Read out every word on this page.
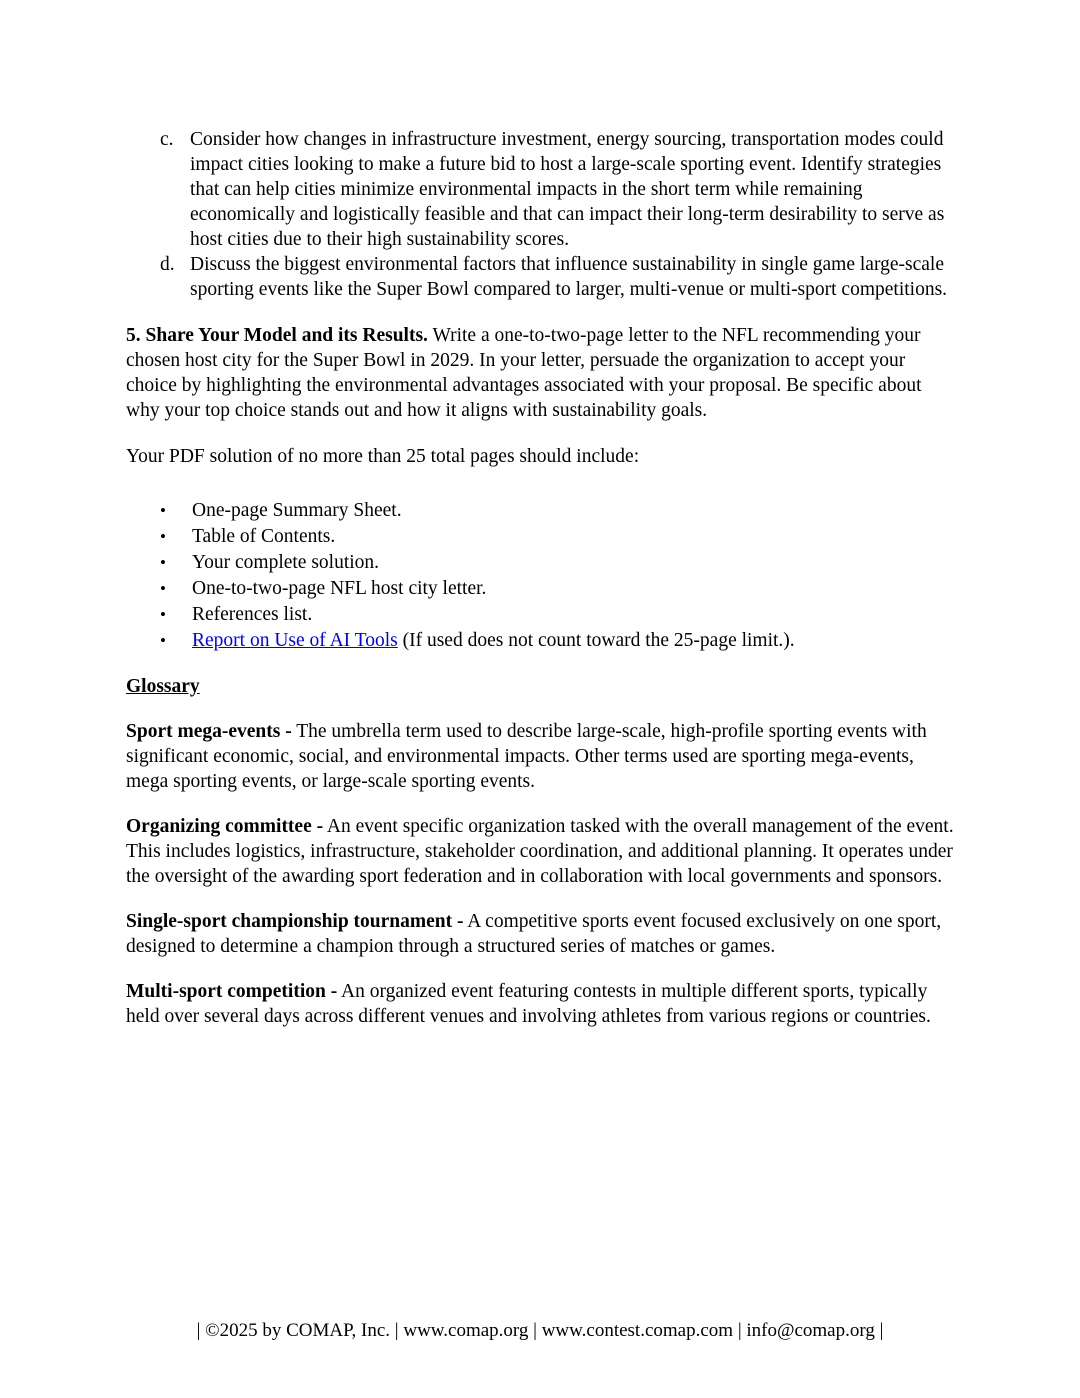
c. Consider how changes in infrastructure investment, energy sourcing, transportation modes could impact cities looking to make a future bid to host a large-scale sporting event. Identify strategies that can help cities minimize environmental impacts in the short term while remaining economically and logistically feasible and that can impact their long-term desirability to serve as host cities due to their high sustainability scores.
d. Discuss the biggest environmental factors that influence sustainability in single game large-scale sporting events like the Super Bowl compared to larger, multi-venue or multi-sport competitions.

5. Share Your Model and its Results. Write a one-to-two-page letter to the NFL recommending your chosen host city for the Super Bowl in 2029. In your letter, persuade the organization to accept your choice by highlighting the environmental advantages associated with your proposal. Be specific about why your top choice stands out and how it aligns with sustainability goals.

Your PDF solution of no more than 25 total pages should include:

• One-page Summary Sheet.
• Table of Contents.
• Your complete solution.
• One-to-two-page NFL host city letter.
• References list.
• Report on Use of AI Tools (If used does not count toward the 25-page limit.).

Glossary

Sport mega-events - The umbrella term used to describe large-scale, high-profile sporting events with significant economic, social, and environmental impacts. Other terms used are sporting mega-events, mega sporting events, or large-scale sporting events.

Organizing committee - An event specific organization tasked with the overall management of the event. This includes logistics, infrastructure, stakeholder coordination, and additional planning. It operates under the oversight of the awarding sport federation and in collaboration with local governments and sponsors.

Single-sport championship tournament - A competitive sports event focused exclusively on one sport, designed to determine a champion through a structured series of matches or games.

Multi-sport competition - An organized event featuring contests in multiple different sports, typically held over several days across different venues and involving athletes from various regions or countries.

| ©2025 by COMAP, Inc. | www.comap.org | www.contest.comap.com | info@comap.org |
